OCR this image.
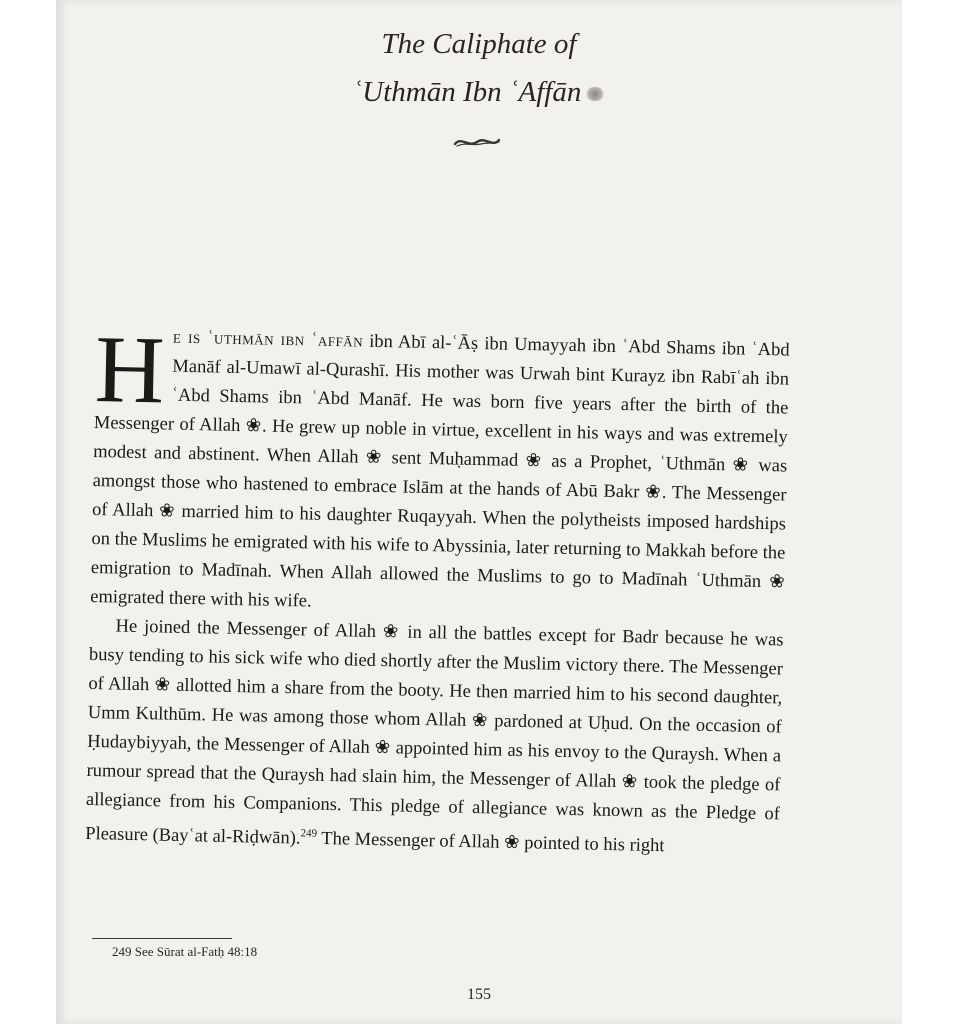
The Caliphate of
ʿUthmān Ibn ʿAffān

He is ʿuthmān ibn ʿaffān ibn Abī al-ʿĀṣ ibn Umayyah ibn ʿAbd Shams ibn ʿAbd Manāf al-Umawī al-Qurashī. His mother was Urwah bint Kurayz ibn Rabīʿah ibn ʿAbd Shams ibn ʿAbd Manāf. He was born five years after the birth of the Messenger of Allah ❀. He grew up noble in virtue, excellent in his ways and was extremely modest and abstinent. When Allah ❀ sent Muḥammad ❀ as a Prophet, ʿUthmān ❀ was amongst those who hastened to embrace Islām at the hands of Abū Bakr ❀. The Messenger of Allah ❀ married him to his daughter Ruqayyah. When the polytheists imposed hardships on the Muslims he emigrated with his wife to Abyssinia, later returning to Makkah before the emigration to Madīnah. When Allah allowed the Muslims to go to Madīnah ʿUthmān ❀ emigrated there with his wife.

He joined the Messenger of Allah ❀ in all the battles except for Badr because he was busy tending to his sick wife who died shortly after the Muslim victory there. The Messenger of Allah ❀ allotted him a share from the booty. He then married him to his second daughter, Umm Kulthūm. He was among those whom Allah ❀ pardoned at Uḥud. On the occasion of Ḥudaybiyyah, the Messenger of Allah ❀ appointed him as his envoy to the Quraysh. When a rumour spread that the Quraysh had slain him, the Messenger of Allah ❀ took the pledge of allegiance from his Companions. This pledge of allegiance was known as the Pledge of Pleasure (Bayʿat al-Riḍwān).$^{249}$ The Messenger of Allah ❀ pointed to his right

249 See Sūrat al-Fatḥ 48:18
155
